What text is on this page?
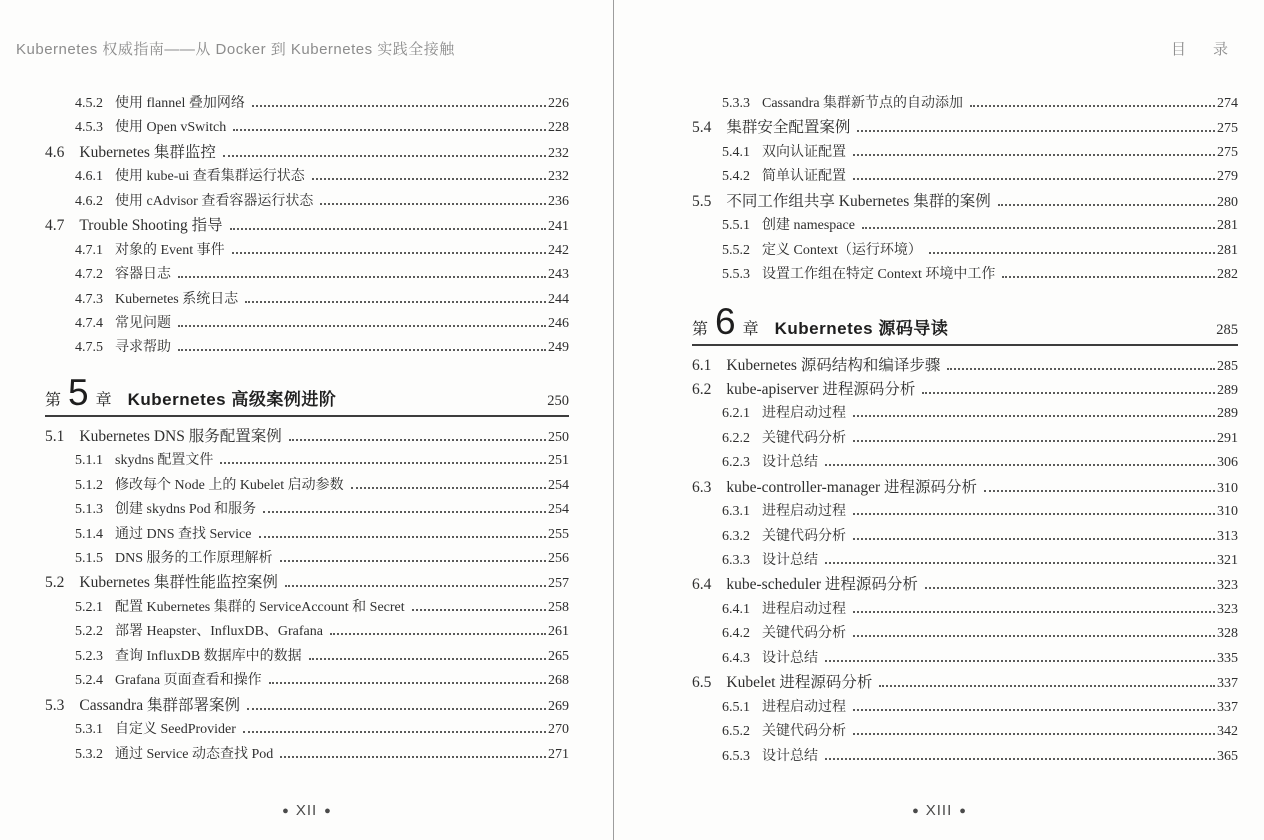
Kubernetes 权威指南——从 Docker 到 Kubernetes 实践全接触
4.5.2 使用 flannel 叠加网络	226
4.5.3 使用 Open vSwitch	228
4.6 Kubernetes 集群监控	232
4.6.1 使用 kube-ui 查看集群运行状态	232
4.6.2 使用 cAdvisor 查看容器运行状态	236
4.7 Trouble Shooting 指导	241
4.7.1 对象的 Event 事件	242
4.7.2 容器日志	243
4.7.3 Kubernetes 系统日志	244
4.7.4 常见问题	246
4.7.5 寻求帮助	249
第 5 章 Kubernetes 高级案例进阶	250
5.1 Kubernetes DNS 服务配置案例	250
5.1.1 skydns 配置文件	251
5.1.2 修改每个 Node 上的 Kubelet 启动参数	254
5.1.3 创建 skydns Pod 和服务	254
5.1.4 通过 DNS 查找 Service	255
5.1.5 DNS 服务的工作原理解析	256
5.2 Kubernetes 集群性能监控案例	257
5.2.1 配置 Kubernetes 集群的 ServiceAccount 和 Secret	258
5.2.2 部署 Heapster、InfluxDB、Grafana	261
5.2.3 查询 InfluxDB 数据库中的数据	265
5.2.4 Grafana 页面查看和操作	268
5.3 Cassandra 集群部署案例	269
5.3.1 自定义 SeedProvider	270
5.3.2 通过 Service 动态查找 Pod	271
● XII ●
目　录
5.3.3 Cassandra 集群新节点的自动添加	274
5.4 集群安全配置案例	275
5.4.1 双向认证配置	275
5.4.2 简单认证配置	279
5.5 不同工作组共享 Kubernetes 集群的案例	280
5.5.1 创建 namespace	281
5.5.2 定义 Context（运行环境）	281
5.5.3 设置工作组在特定 Context 环境中工作	282
第 6 章 Kubernetes 源码导读	285
6.1 Kubernetes 源码结构和编译步骤	285
6.2 kube-apiserver 进程源码分析	289
6.2.1 进程启动过程	289
6.2.2 关键代码分析	291
6.2.3 设计总结	306
6.3 kube-controller-manager 进程源码分析	310
6.3.1 进程启动过程	310
6.3.2 关键代码分析	313
6.3.3 设计总结	321
6.4 kube-scheduler 进程源码分析	323
6.4.1 进程启动过程	323
6.4.2 关键代码分析	328
6.4.3 设计总结	335
6.5 Kubelet 进程源码分析	337
6.5.1 进程启动过程	337
6.5.2 关键代码分析	342
6.5.3 设计总结	365
● XIII ●
